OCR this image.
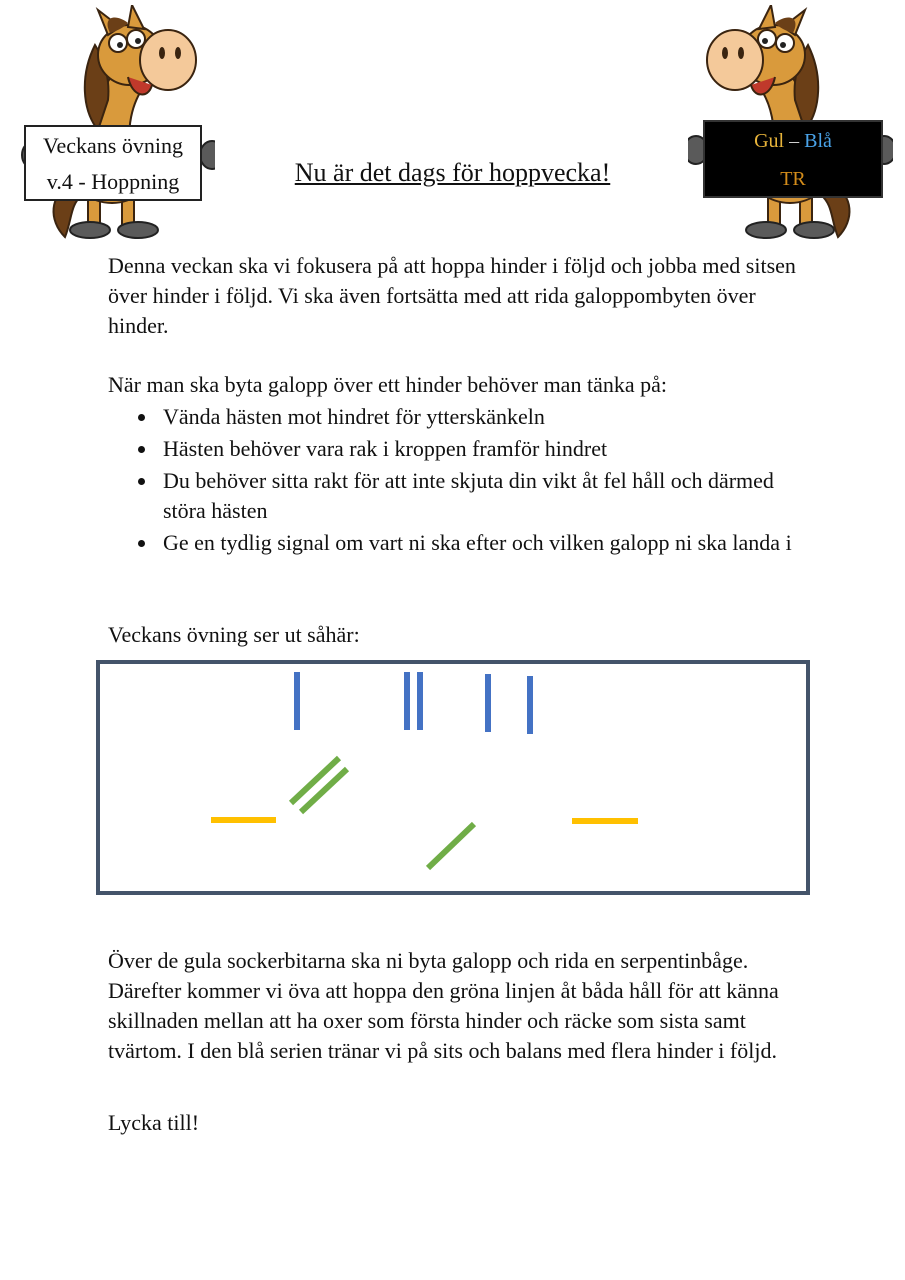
Veckans övning
v.4 - Hoppning
Gul – Blå
TR
Nu är det dags för hoppvecka!

Denna veckan ska vi fokusera på att hoppa hinder i följd och jobba med sitsen över hinder i följd. Vi ska även fortsätta med att rida galoppombyten över hinder.

När man ska byta galopp över ett hinder behöver man tänka på:

Vända hästen mot hindret för ytterskänkeln
Hästen behöver vara rak i kroppen framför hindret
Du behöver sitta rakt för att inte skjuta din vikt åt fel håll och därmed störa hästen
Ge en tydlig signal om vart ni ska efter och vilken galopp ni ska landa i

Veckans övning ser ut såhär:

Över de gula sockerbitarna ska ni byta galopp och rida en serpentinbåge. Därefter kommer vi öva att hoppa den gröna linjen åt båda håll för att känna skillnaden mellan att ha oxer som första hinder och räcke som sista samt tvärtom. I den blå serien tränar vi på sits och balans med flera hinder i följd.

Lycka till!
